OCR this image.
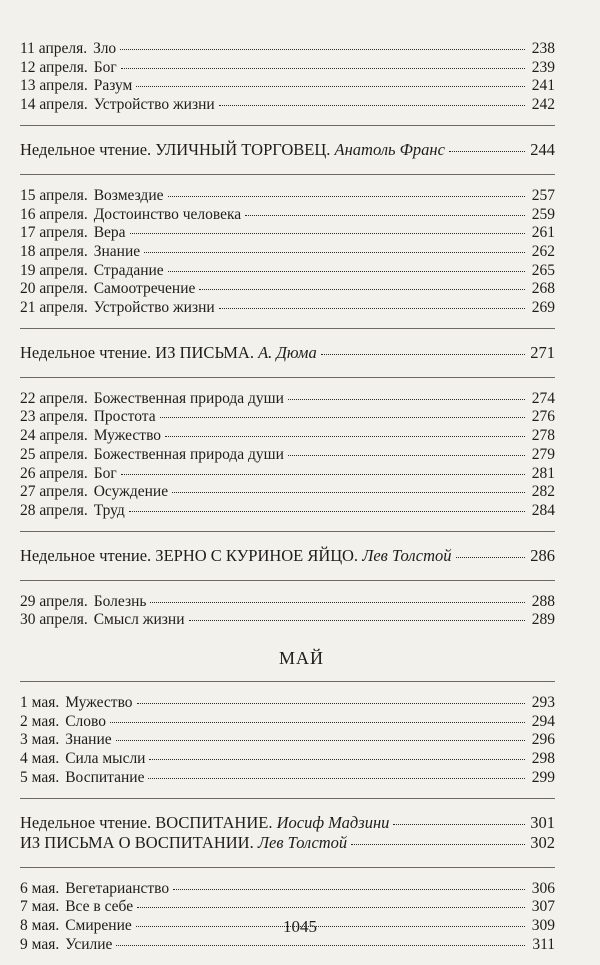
11 апреля. Зло	238
12 апреля. Бог	239
13 апреля. Разум	241
14 апреля. Устройство жизни	242
Недельное чтение. УЛИЧНЫЙ ТОРГОВЕЦ. Анатоль Франс	244
15 апреля. Возмездие	257
16 апреля. Достоинство человека	259
17 апреля. Вера	261
18 апреля. Знание	262
19 апреля. Страдание	265
20 апреля. Самоотречение	268
21 апреля. Устройство жизни	269
Недельное чтение. ИЗ ПИСЬМА. А. Дюма	271
22 апреля. Божественная природа души	274
23 апреля. Простота	276
24 апреля. Мужество	278
25 апреля. Божественная природа души	279
26 апреля. Бог	281
27 апреля. Осуждение	282
28 апреля. Труд	284
Недельное чтение. ЗЕРНО С КУРИНОЕ ЯЙЦО. Лев Толстой	286
29 апреля. Болезнь	288
30 апреля. Смысл жизни	289
МАЙ
1 мая. Мужество	293
2 мая. Слово	294
3 мая. Знание	296
4 мая. Сила мысли	298
5 мая. Воспитание	299
Недельное чтение. ВОСПИТАНИЕ. Иосиф Мадзини	301
ИЗ ПИСЬМА О ВОСПИТАНИИ. Лев Толстой	302
6 мая. Вегетарианство	306
7 мая. Все в себе	307
8 мая. Смирение	309
9 мая. Усилие	311
1045
